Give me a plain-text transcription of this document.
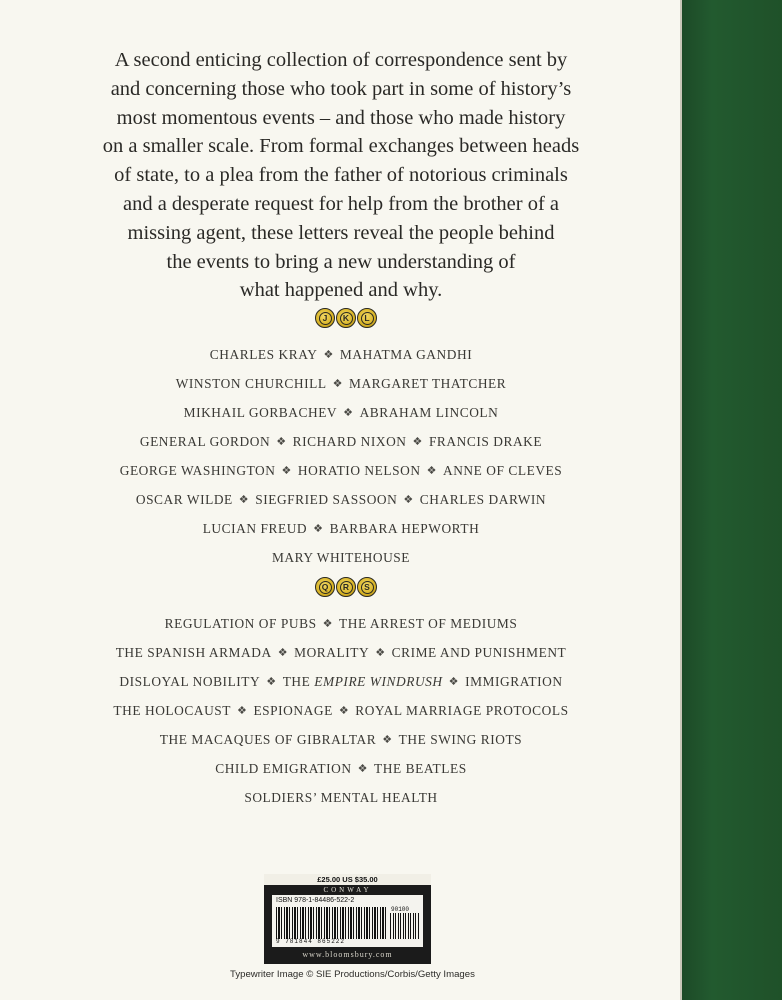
A second enticing collection of correspondence sent by
and concerning those who took part in some of history’s
most momentous events – and those who made history
on a smaller scale. From formal exchanges between heads
of state, to a plea from the father of notorious criminals
and a desperate request for help from the brother of a
missing agent, these letters reveal the people behind
the events to bring a new understanding of
what happened and why.

J	K	L
CHARLES KRAY ❖ MAHATMA GANDHI
WINSTON CHURCHILL ❖ MARGARET THATCHER
MIKHAIL GORBACHEV ❖ ABRAHAM LINCOLN
GENERAL GORDON ❖ RICHARD NIXON ❖ FRANCIS DRAKE
GEORGE WASHINGTON ❖ HORATIO NELSON ❖ ANNE OF CLEVES
OSCAR WILDE ❖ SIEGFRIED SASSOON ❖ CHARLES DARWIN
LUCIAN FREUD ❖ BARBARA HEPWORTH
MARY WHITEHOUSE
Q	R	S
REGULATION OF PUBS ❖ THE ARREST OF MEDIUMS
THE SPANISH ARMADA ❖ MORALITY ❖ CRIME AND PUNISHMENT
DISLOYAL NOBILITY ❖ THE EMPIRE WINDRUSH ❖ IMMIGRATION
THE HOLOCAUST ❖ ESPIONAGE ❖ ROYAL MARRIAGE PROTOCOLS
THE MACAQUES OF GIBRALTAR ❖ THE SWING RIOTS
CHILD EMIGRATION ❖ THE BEATLES
SOLDIERS’ MENTAL HEALTH
£25.00 US $35.00
CONWAY
ISBN 978-1-84486-522-2
90100
9 781844 865222
www.bloomsbury.com
Typewriter Image © SIE Productions/Corbis/Getty Images
